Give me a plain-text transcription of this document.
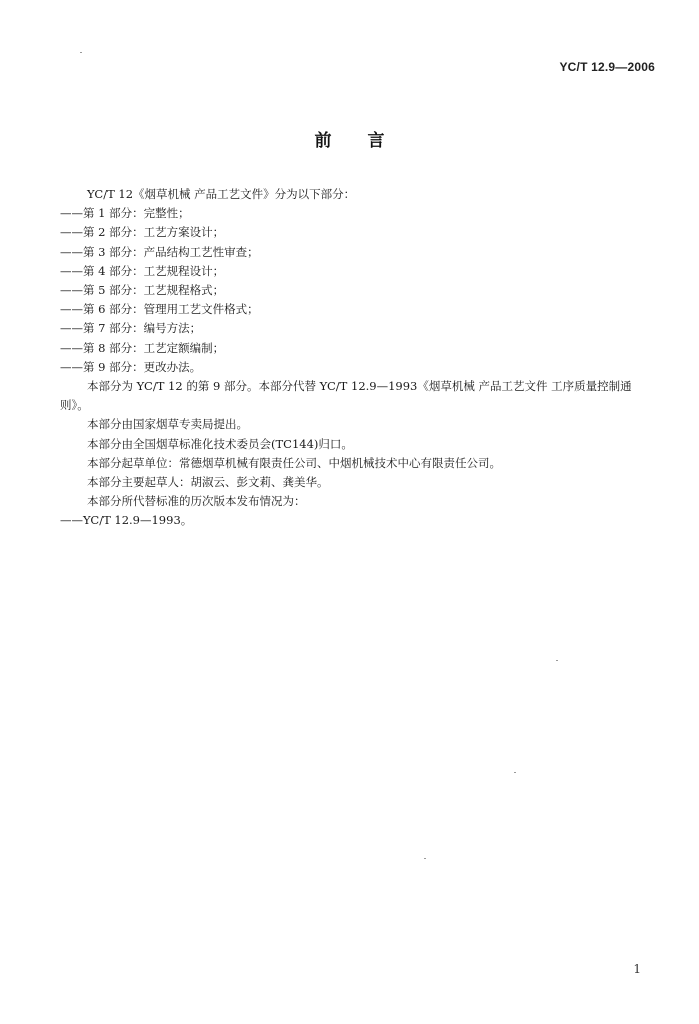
YC/T 12.9—2006
前言

YC/T 12《烟草机械 产品工艺文件》分为以下部分：

——第 1 部分：完整性；

——第 2 部分：工艺方案设计；

——第 3 部分：产品结构工艺性审查；

——第 4 部分：工艺规程设计；

——第 5 部分：工艺规程格式；

——第 6 部分：管理用工艺文件格式；

——第 7 部分：编号方法；

——第 8 部分：工艺定额编制；

——第 9 部分：更改办法。

本部分为 YC/T 12 的第 9 部分。本部分代替 YC/T 12.9—1993《烟草机械 产品工艺文件 工序质量控制通则》。

本部分由国家烟草专卖局提出。

本部分由全国烟草标准化技术委员会(TC144)归口。

本部分起草单位：常德烟草机械有限责任公司、中烟机械技术中心有限责任公司。

本部分主要起草人：胡淑云、彭文莉、龚美华。

本部分所代替标准的历次版本发布情况为：

——YC/T 12.9—1993。

1
